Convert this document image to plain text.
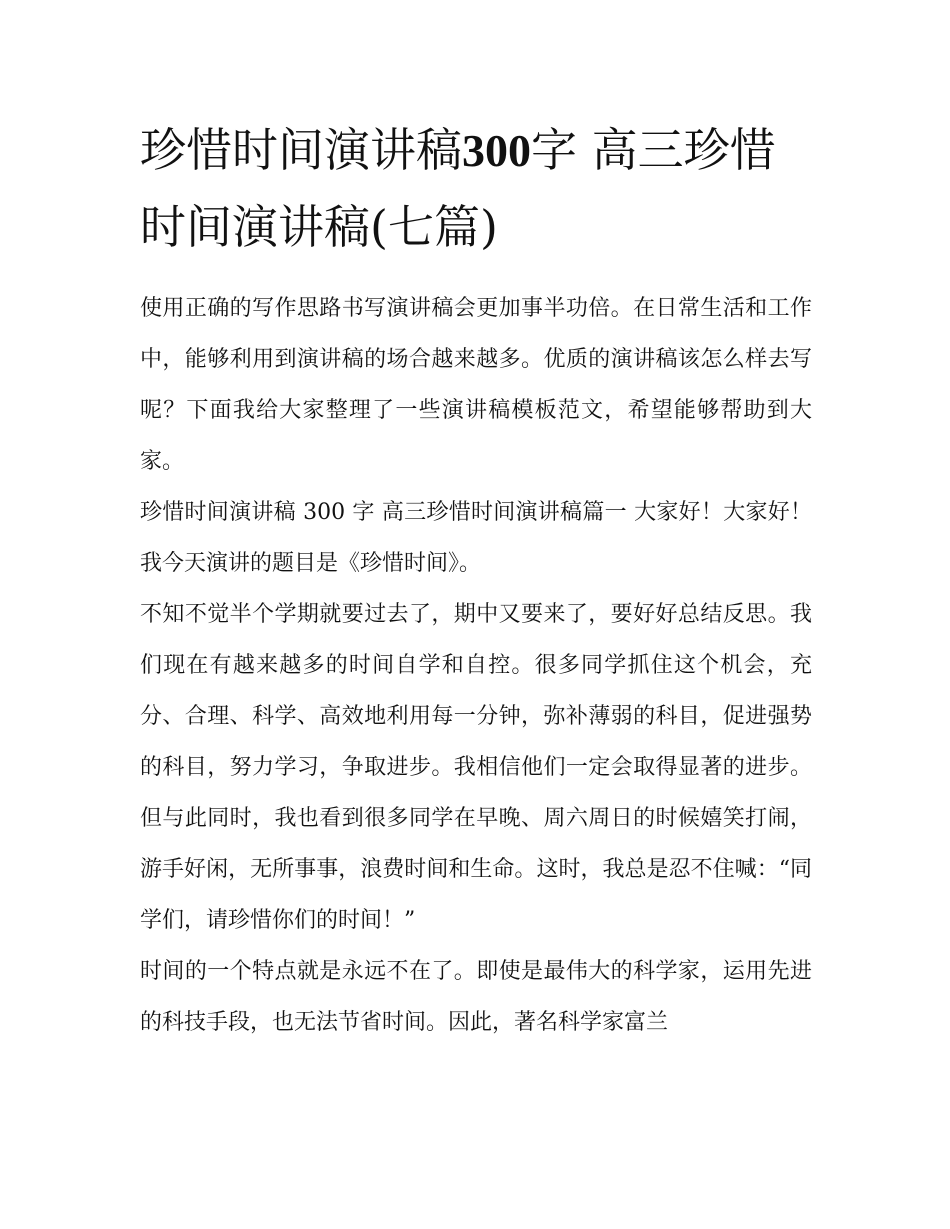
珍惜时间演讲稿300字 高三珍惜时间演讲稿(七篇)

使用正确的写作思路书写演讲稿会更加事半功倍。在日常生活和工作中，能够利用到演讲稿的场合越来越多。优质的演讲稿该怎么样去写呢？下面我给大家整理了一些演讲稿模板范文，希望能够帮助到大家。

珍惜时间演讲稿 300 字 高三珍惜时间演讲稿篇一 大家好！大家好！我今天演讲的题目是《珍惜时间》。

不知不觉半个学期就要过去了，期中又要来了，要好好总结反思。我们现在有越来越多的时间自学和自控。很多同学抓住这个机会，充分、合理、科学、高效地利用每一分钟，弥补薄弱的科目，促进强势的科目，努力学习，争取进步。我相信他们一定会取得显著的进步。但与此同时，我也看到很多同学在早晚、周六周日的时候嬉笑打闹，游手好闲，无所事事，浪费时间和生命。这时，我总是忍不住喊：“同学们，请珍惜你们的时间！”

时间的一个特点就是永远不在了。即使是最伟大的科学家，运用先进的科技手段，也无法节省时间。因此，著名科学家富兰
